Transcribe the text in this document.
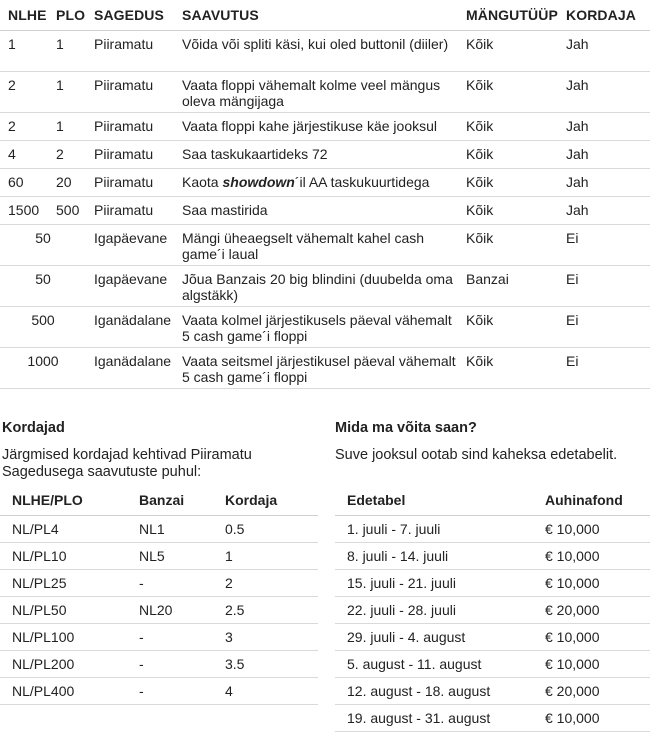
NLHE	PLO	SAGEDUS	SAAVUTUS	MÄNGUTÜÜP	KORDAJA
1	1	Piiramatu	Võida või spliti käsi, kui oled buttonil (diiler)	Kõik	Jah
2	1	Piiramatu	Vaata floppi vähemalt kolme veel mängus oleva mängijaga	Kõik	Jah
2	1	Piiramatu	Vaata floppi kahe järjestikuse käe jooksul	Kõik	Jah
4	2	Piiramatu	Saa taskukaartideks 72	Kõik	Jah
60	20	Piiramatu	Kaota showdown´il AA taskukuurtidega	Kõik	Jah
1500	500	Piiramatu	Saa mastirida	Kõik	Jah
50		Igapäevane	Mängi üheaegselt vähemalt kahel cash game´i laual	Kõik	Ei
50		Igapäevane	Jõua Banzais 20 big blindini (duubelda oma algstäkk)	Banzai	Ei
500		Iganädalane	Vaata kolmel järjestikusels päeval vähemalt 5 cash game´i floppi	Kõik	Ei
1000		Iganädalane	Vaata seitsmel järjestikusel päeval vähemalt 5 cash game´i floppi	Kõik	Ei
Kordajad
Järgmised kordajad kehtivad Piiramatu Sagedusega saavutuste puhul:
NLHE/PLO	Banzai	Kordaja
NL/PL4	NL1	0.5
NL/PL10	NL5	1
NL/PL25	-	2
NL/PL50	NL20	2.5
NL/PL100	-	3
NL/PL200	-	3.5
NL/PL400	-	4
Mida ma võita saan?
Suve jooksul ootab sind kaheksa edetabelit.
Edetabel	Auhinafond
1. juuli - 7. juuli	€ 10,000
8. juuli - 14. juuli	€ 10,000
15. juuli - 21. juuli	€ 10,000
22. juuli - 28. juuli	€ 20,000
29. juuli - 4. august	€ 10,000
5. august - 11. august	€ 10,000
12. august - 18. august	€ 20,000
19. august - 31. august	€ 10,000
